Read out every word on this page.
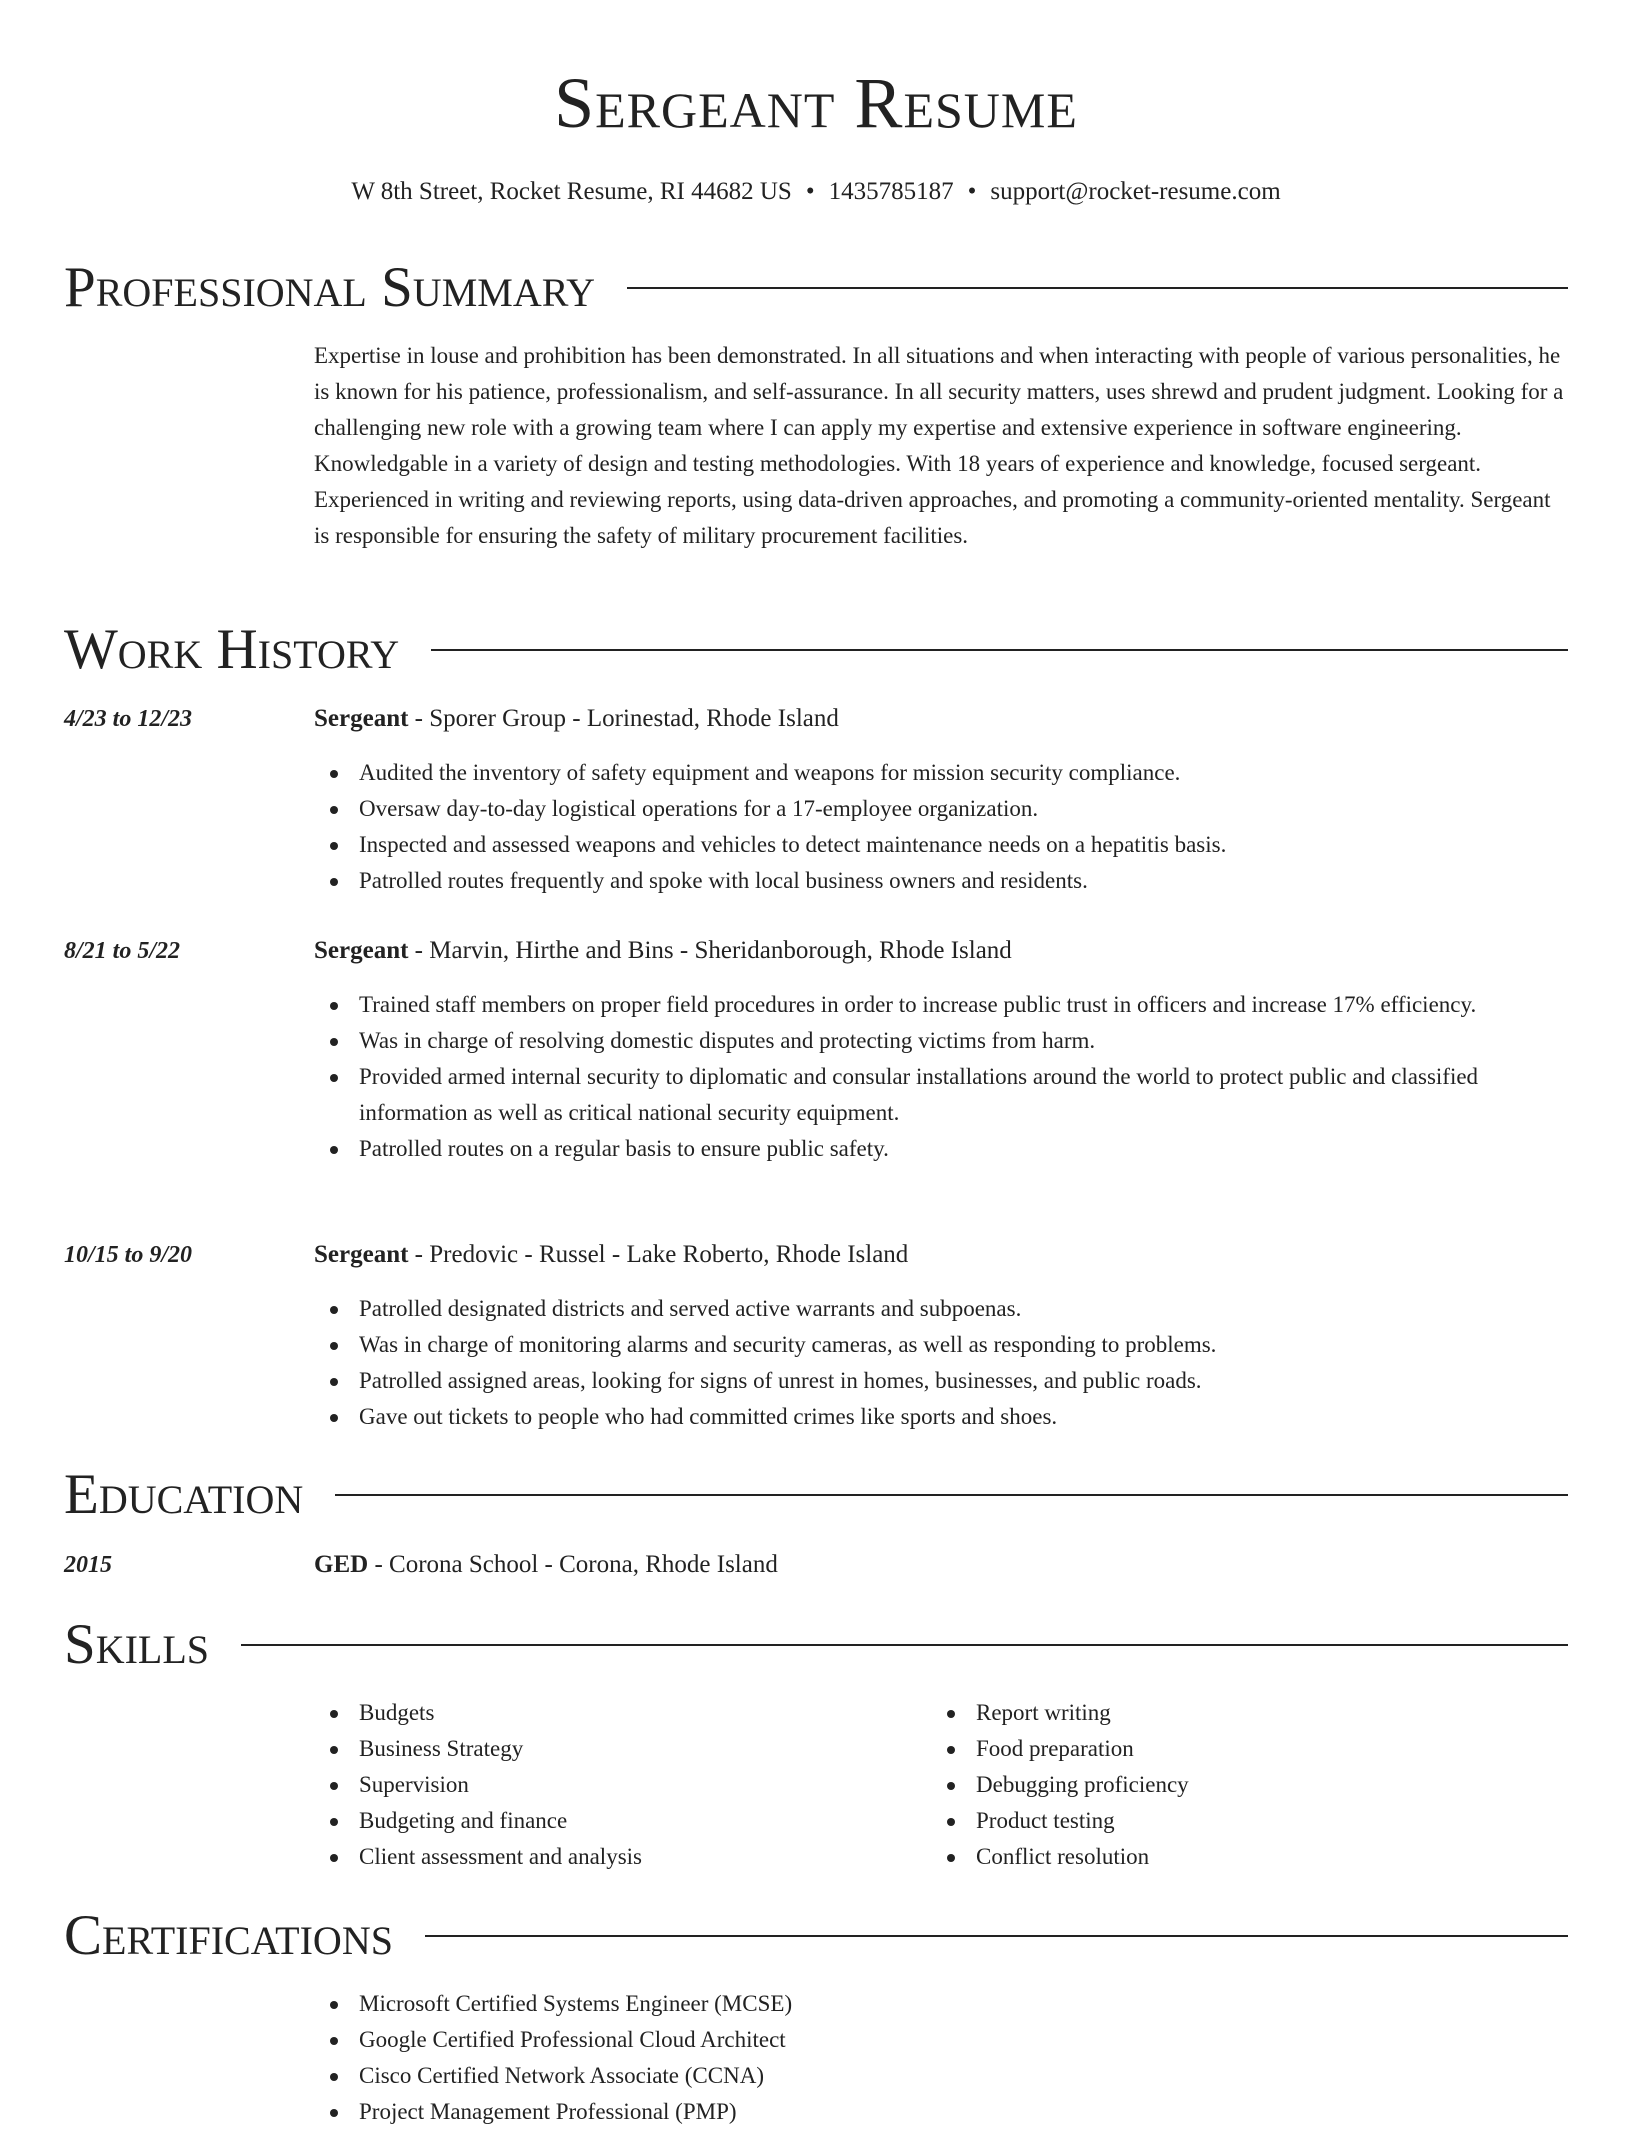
Sergeant Resume
W 8th Street, Rocket Resume, RI 44682 US • 1435785187 • support@rocket-resume.com
Professional Summary

Expertise in louse and prohibition has been demonstrated. In all situations and when interacting with people of various personalities, he is known for his patience, professionalism, and self-assurance. In all security matters, uses shrewd and prudent judgment. Looking for a challenging new role with a growing team where I can apply my expertise and extensive experience in software engineering. Knowledgable in a variety of design and testing methodologies. With 18 years of experience and knowledge, focused sergeant. Experienced in writing and reviewing reports, using data-driven approaches, and promoting a community-oriented mentality. Sergeant is responsible for ensuring the safety of military procurement facilities.

Work History
4/23 to 12/23	Sergeant - Sporer Group - Lorinestad, Rhode Island
Audited the inventory of safety equipment and weapons for mission security compliance.
Oversaw day-to-day logistical operations for a 17-employee organization.
Inspected and assessed weapons and vehicles to detect maintenance needs on a hepatitis basis.
Patrolled routes frequently and spoke with local business owners and residents.
8/21 to 5/22	Sergeant - Marvin, Hirthe and Bins - Sheridanborough, Rhode Island
Trained staff members on proper field procedures in order to increase public trust in officers and increase 17% efficiency.
Was in charge of resolving domestic disputes and protecting victims from harm.
Provided armed internal security to diplomatic and consular installations around the world to protect public and classified information as well as critical national security equipment.
Patrolled routes on a regular basis to ensure public safety.
10/15 to 9/20	Sergeant - Predovic - Russel - Lake Roberto, Rhode Island
Patrolled designated districts and served active warrants and subpoenas.
Was in charge of monitoring alarms and security cameras, as well as responding to problems.
Patrolled assigned areas, looking for signs of unrest in homes, businesses, and public roads.
Gave out tickets to people who had committed crimes like sports and shoes.
Education
2015	GED - Corona School - Corona, Rhode Island
Skills
Budgets
Business Strategy
Supervision
Budgeting and finance
Client assessment and analysis
Report writing
Food preparation
Debugging proficiency
Product testing
Conflict resolution
Certifications
Microsoft Certified Systems Engineer (MCSE)
Google Certified Professional Cloud Architect
Cisco Certified Network Associate (CCNA)
Project Management Professional (PMP)
